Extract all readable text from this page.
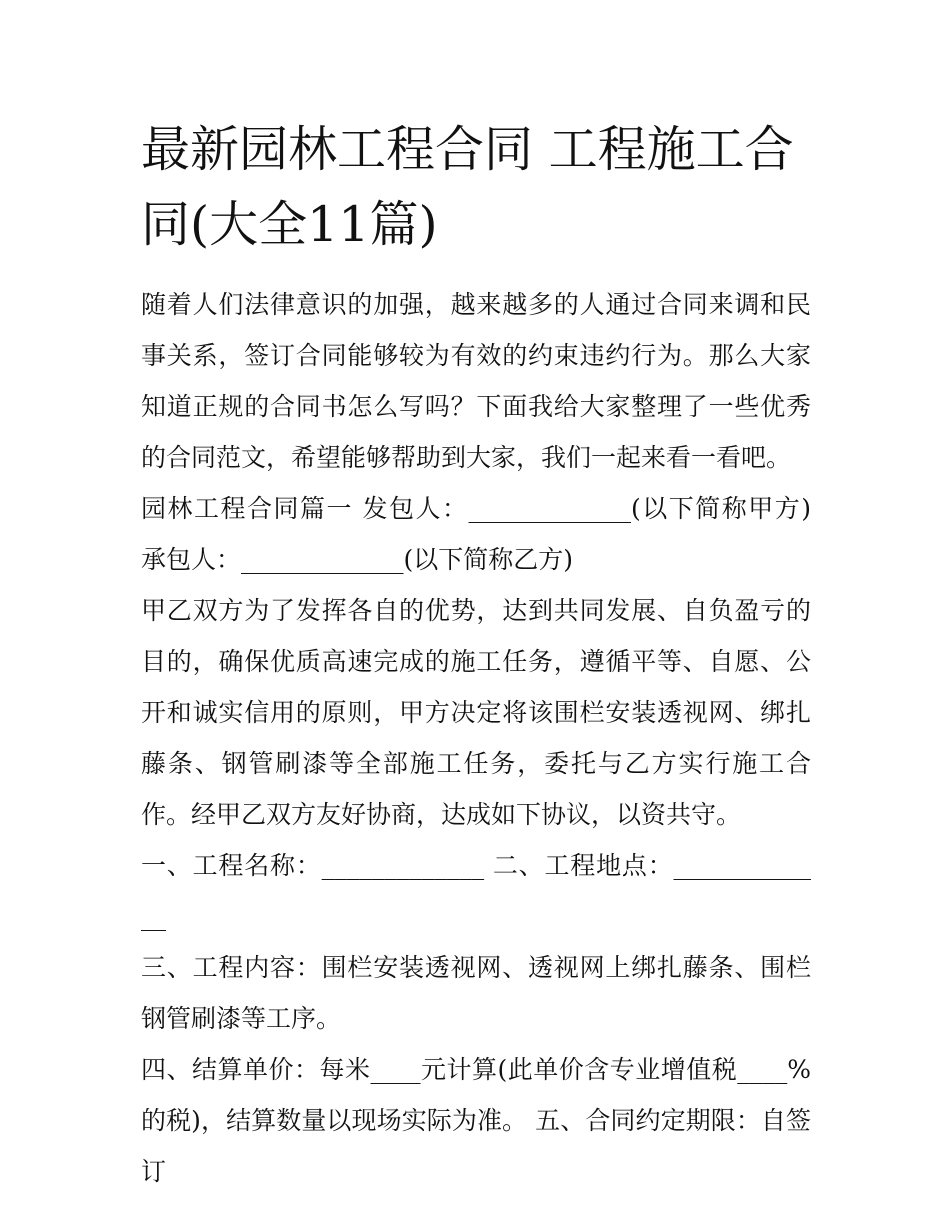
最新园林工程合同 工程施工合同(大全11篇)

随着人们法律意识的加强，越来越多的人通过合同来调和民事关系，签订合同能够较为有效的约束违约行为。那么大家知道正规的合同书怎么写吗？下面我给大家整理了一些优秀的合同范文，希望能够帮助到大家，我们一起来看一看吧。

园林工程合同篇一 发包人：_____________(以下简称甲方) 承包人：_____________(以下简称乙方)

甲乙双方为了发挥各自的优势，达到共同发展、自负盈亏的目的，确保优质高速完成的施工任务，遵循平等、自愿、公开和诚实信用的原则，甲方决定将该围栏安装透视网、绑扎藤条、钢管刷漆等全部施工任务，委托与乙方实行施工合作。经甲乙双方友好协商，达成如下协议，以资共守。

一、工程名称：_____________ 二、工程地点：_____________

三、工程内容：围栏安装透视网、透视网上绑扎藤条、围栏钢管刷漆等工序。

四、结算单价：每米____元计算(此单价含专业增值税____%的税)，结算数量以现场实际为准。 五、合同约定期限：自签订
